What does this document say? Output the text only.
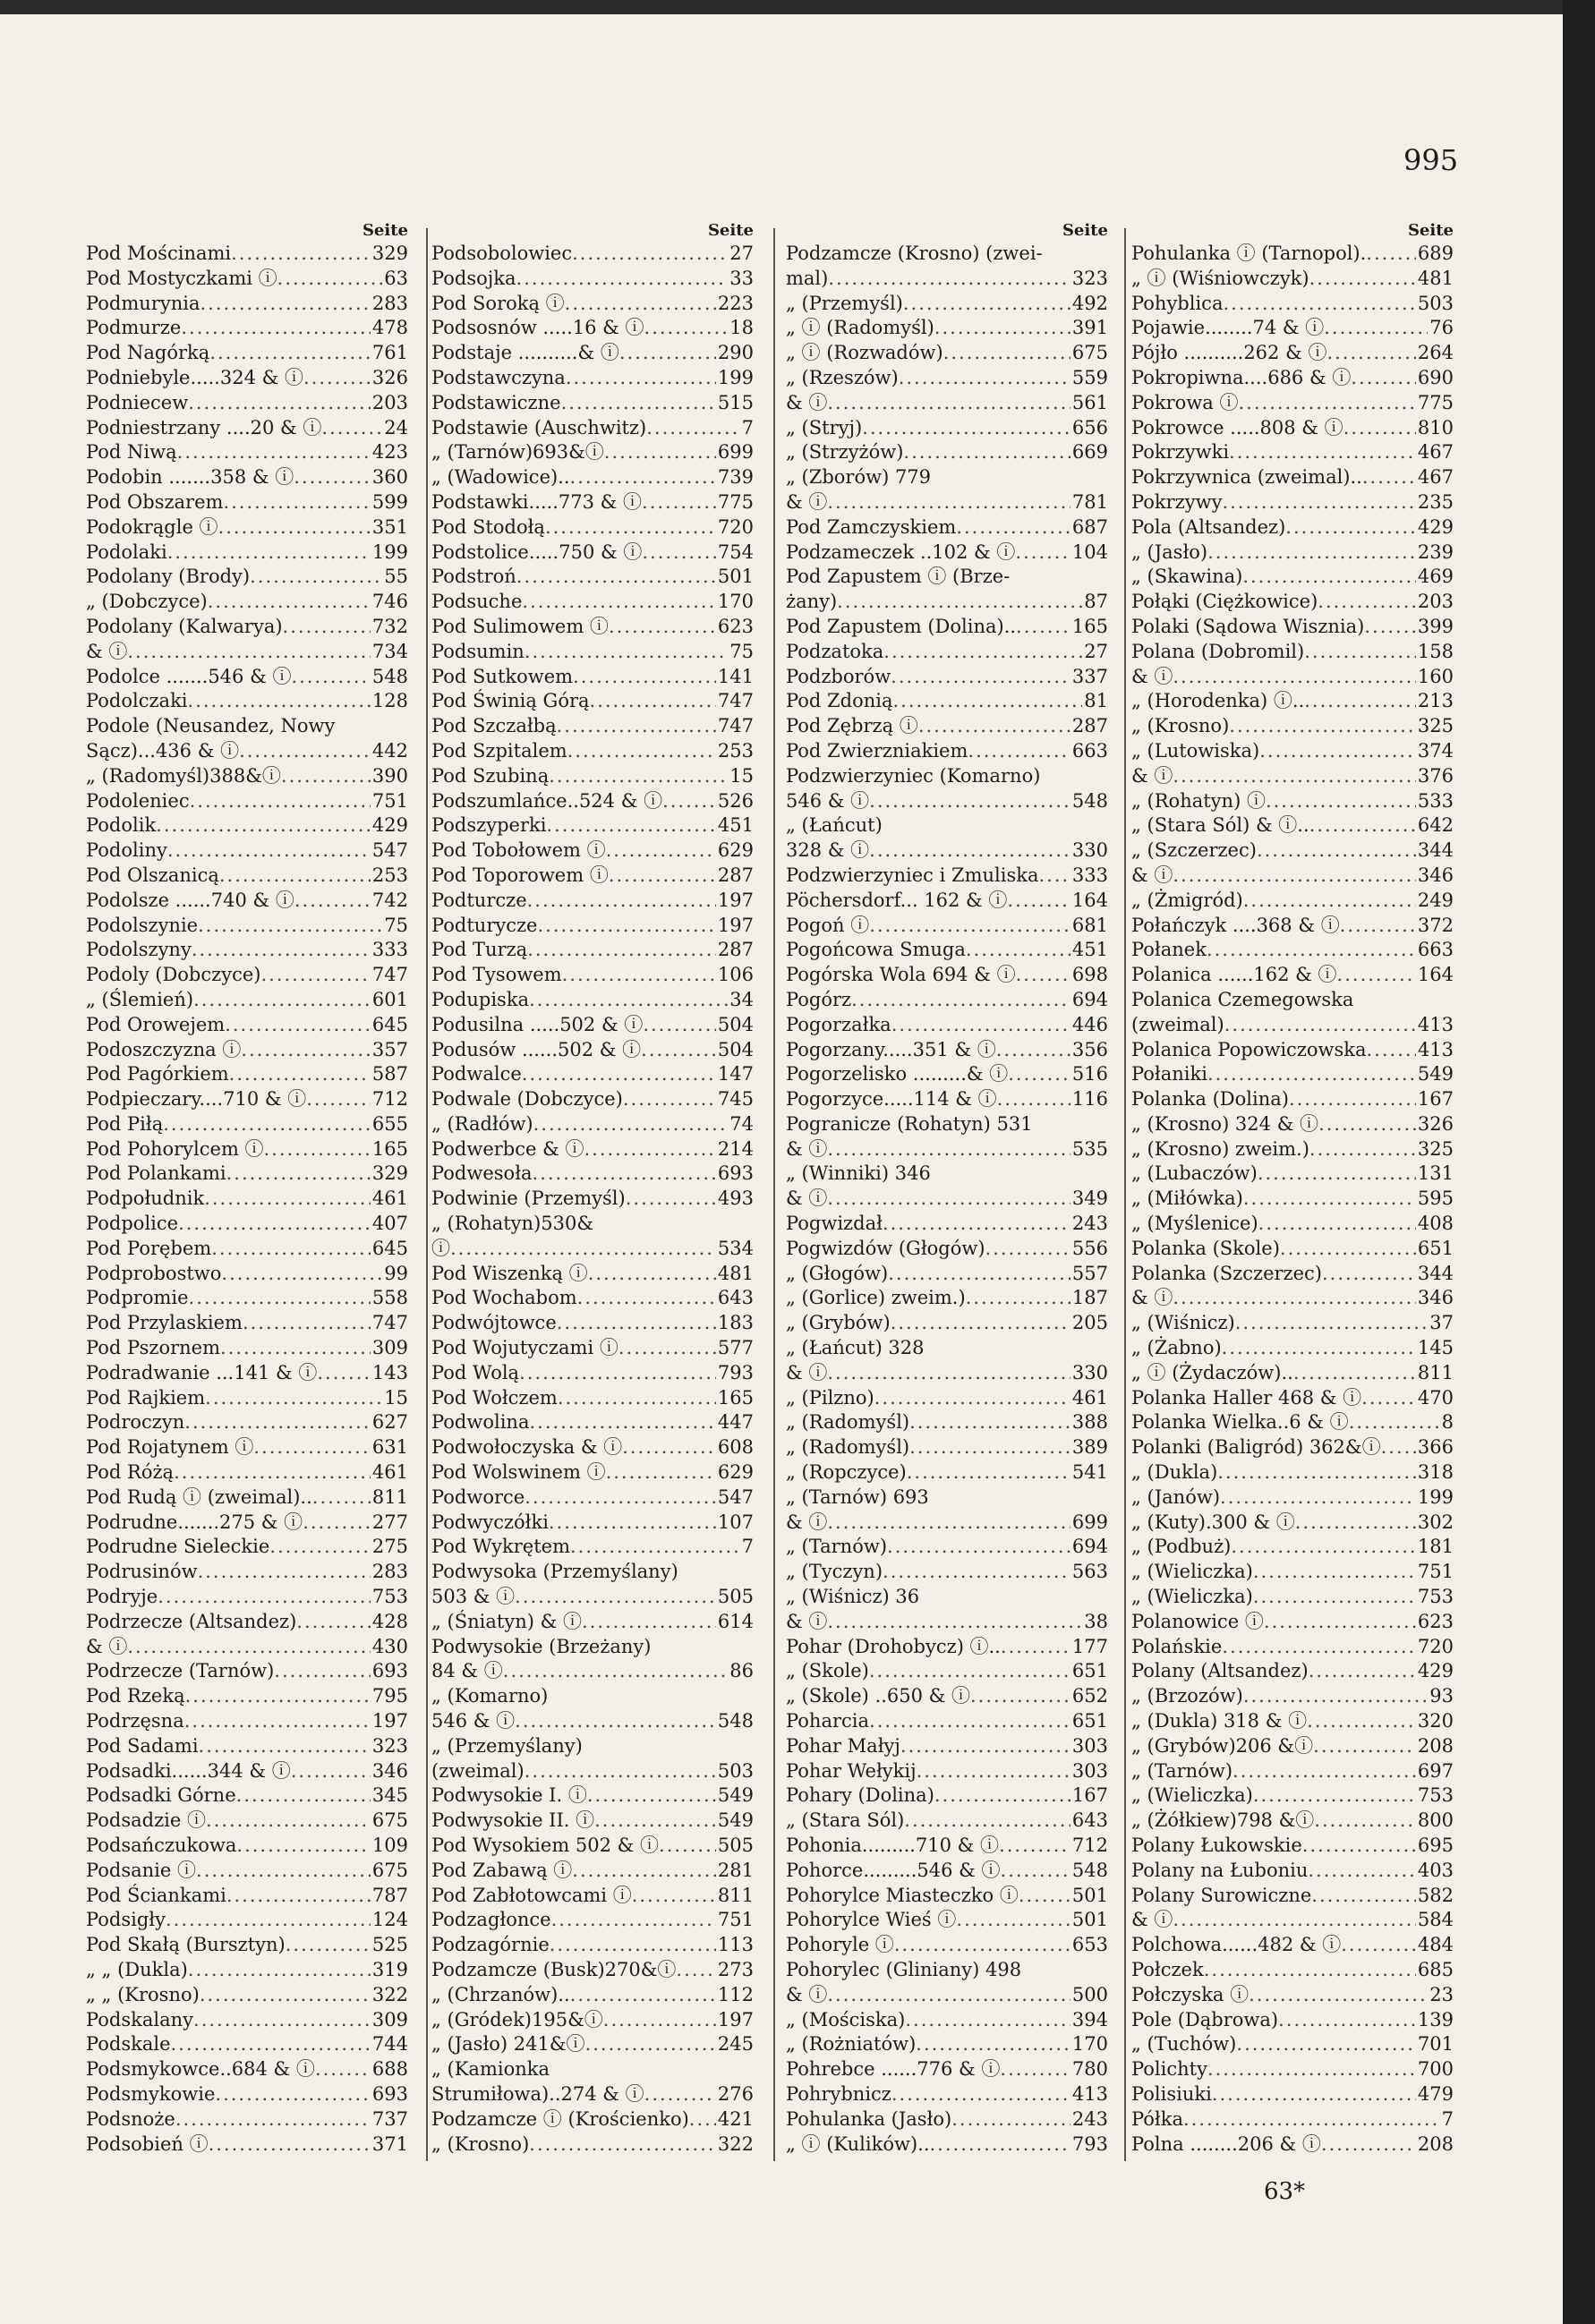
995
Seite
Pod Mościnami .....	329
Pod Mostyczkami ⓘ .....	63
Podmurynia .....	283
Podmurze .....	478
Pod Nagórką .....	761
Podniebyle.....324 & ⓘ .....	326
Podniecew .....	203
Podniestrzany ....20 & ⓘ .....	24
Pod Niwą .....	423
Podobin .......358 & ⓘ .....	360
Pod Obszarem .....	599
Podokrągle ⓘ .....	351
Podolaki .....	199
Podolany (Brody) .....	55
„ (Dobczyce) .....	746
Podolany (Kalwarya) .....	732
& ⓘ .....	734
Podolce .......546 & ⓘ .....	548
Podolczaki .....	128
Podole (Neusandez, Nowy
Sącz)...436 & ⓘ .....	442
„ (Radomyśl)388&ⓘ .....	390
Podoleniec .....	751
Podolik .....	429
Podoliny .....	547
Pod Olszanicą .....	253
Podolsze ......740 & ⓘ .....	742
Podolszynie .....	75
Podolszyny .....	333
Podoly (Dobczyce) .....	747
„ (Ślemień) .....	601
Pod Orowejem .....	645
Podoszczyzna ⓘ .....	357
Pod Pagórkiem .....	587
Podpieczary....710 & ⓘ .....	712
Pod Piłą .....	655
Pod Pohorylcem ⓘ .....	165
Pod Polankami .....	329
Podpołudnik .....	461
Podpolice .....	407
Pod Porębem .....	645
Podprobostwo .....	99
Podpromie .....	558
Pod Przylaskiem .....	747
Pod Pszornem .....	309
Podradwanie ...141 & ⓘ .....	143
Pod Rajkiem .....	15
Podroczyn .....	627
Pod Rojatynem ⓘ .....	631
Pod Różą .....	461
Pod Rudą ⓘ (zweimal).. .....	811
Podrudne.......275 & ⓘ .....	277
Podrudne Sieleckie .....	275
Podrusinów .....	283
Podryje .....	753
Podrzecze (Altsandez) .....	428
& ⓘ .....	430
Podrzecze (Tarnów) .....	693
Pod Rzeką .....	795
Podrzęsna .....	197
Pod Sadami .....	323
Podsadki......344 & ⓘ .....	346
Podsadki Górne .....	345
Podsadzie ⓘ .....	675
Podsańczukowa .....	109
Podsanie ⓘ .....	675
Pod Ściankami .....	787
Podsigły .....	124
Pod Skałą (Bursztyn) .....	525
„ „ (Dukla) .....	319
„ „ (Krosno) .....	322
Podskalany .....	309
Podskale .....	744
Podsmykowce..684 & ⓘ .....	688
Podsmykowie .....	693
Podsnoże .....	737
Podsobień ⓘ .....	371
Seite
Podsobolowiec .....	27
Podsojka .....	33
Pod Soroką ⓘ .....	223
Podsosnów .....16 & ⓘ .....	18
Podstaje ..........& ⓘ .....	290
Podstawczyna .....	199
Podstawiczne .....	515
Podstawie (Auschwitz) .....	7
„ (Tarnów)693&ⓘ .....	699
„ (Wadowice).. .....	739
Podstawki.....773 & ⓘ .....	775
Pod Stodołą .....	720
Podstolice.....750 & ⓘ .....	754
Podstroń .....	501
Podsuche .....	170
Pod Sulimowem ⓘ .....	623
Podsumin .....	75
Pod Sutkowem .....	141
Pod Świnią Górą .....	747
Pod Szczałbą .....	747
Pod Szpitalem .....	253
Pod Szubiną .....	15
Podszumlańce..524 & ⓘ .....	526
Podszyperki .....	451
Pod Tobołowem ⓘ .....	629
Pod Toporowem ⓘ .....	287
Podturcze .....	197
Podturycze .....	197
Pod Turzą .....	287
Pod Tysowem .....	106
Podupiska .....	34
Podusilna .....502 & ⓘ .....	504
Podusów ......502 & ⓘ .....	504
Podwalce .....	147
Podwale (Dobczyce) .....	745
„ (Radłów) .....	74
Podwerbce & ⓘ .....	214
Podwesoła .....	693
Podwinie (Przemyśl) .....	493
„ (Rohatyn)530&
ⓘ .....	534
Pod Wiszenką ⓘ .....	481
Pod Wochabom .....	643
Podwójtowce .....	183
Pod Wojutyczami ⓘ .....	577
Pod Wolą .....	793
Pod Wołczem .....	165
Podwolina .....	447
Podwołoczyska & ⓘ .....	608
Pod Wolswinem ⓘ .....	629
Podworce .....	547
Podwyczółki .....	107
Pod Wykrętem .....	7
Podwysoka (Przemyślany)
503 & ⓘ .....	505
„ (Śniatyn) & ⓘ .....	614
Podwysokie (Brzeżany)
84 & ⓘ .....	86
„ (Komarno)
546 & ⓘ .....	548
„ (Przemyślany)
(zweimal) .....	503
Podwysokie I. ⓘ .....	549
Podwysokie II. ⓘ .....	549
Pod Wysokiem 502 & ⓘ .....	505
Pod Zabawą ⓘ .....	281
Pod Zabłotowcami ⓘ .....	811
Podzagłonce .....	751
Podzagórnie .....	113
Podzamcze (Busk)270&ⓘ ..... 273
„ (Chrzanów).. .....	112
„ (Gródek)195&ⓘ .....	197
„ (Jasło) 241&ⓘ .....	245
„ (Kamionka
Strumiłowa)..274 & ⓘ .....	276
Podzamcze ⓘ (Krościenko) ..... 421
„ (Krosno) .....	322
Seite
Podzamcze (Krosno) (zwei-
mal) .....	323
„ (Przemyśl) .....	492
„ ⓘ (Radomyśl) .....	391
„ ⓘ (Rozwadów) .....	675
„ (Rzeszów) .....	559
& ⓘ .....	561
„ (Stryj) .....	656
„ (Strzyżów) .....	669
„ (Zborów) 779
& ⓘ .....	781
Pod Zamczyskiem .....	687
Podzameczek ..102 & ⓘ .....	104
Pod Zapustem ⓘ (Brze-
żany) .....	87
Pod Zapustem (Dolina).. .....	165
Podzatoka .....	27
Podzborów .....	337
Pod Zdonią .....	81
Pod Zębrzą ⓘ .....	287
Pod Zwierzniakiem .....	663
Podzwierzyniec (Komarno)
546 & ⓘ .....	548
„ (Łańcut)
328 & ⓘ .....	330
Podzwierzyniec i Zmuliska ..... 333
Pöchersdorf... 162 & ⓘ .....	164
Pogoń ⓘ .....	681
Pogońcowa Smuga .....	451
Pogórska Wola 694 & ⓘ .....	698
Pogórz .....	694
Pogorzałka .....	446
Pogorzany.....351 & ⓘ .....	356
Pogorzelisko .........& ⓘ .....	516
Pogorzyce.....114 & ⓘ .....	116
Pogranicze (Rohatyn) 531
& ⓘ .....	535
„ (Winniki) 346
& ⓘ .....	349
Pogwizdał .....	243
Pogwizdów (Głogów) .....	556
„ (Głogów) .....	557
„ (Gorlice) zweim.) .....	187
„ (Grybów) .....	205
„ (Łańcut) 328
& ⓘ .....	330
„ (Pilzno) .....	461
„ (Radomyśl) .....	388
„ (Radomyśl) .....	389
„ (Ropczyce) .....	541
„ (Tarnów) 693
& ⓘ .....	699
„ (Tarnów) .....	694
„ (Tyczyn) .....	563
„ (Wiśnicz) 36
& ⓘ .....	38
Pohar (Drohobycz) ⓘ.. .....	177
„ (Skole) .....	651
„ (Skole) ..650 & ⓘ .....	652
Poharcia .....	651
Pohar Małyj .....	303
Pohar Wełykij .....	303
Pohary (Dolina) .....	167
„ (Stara Sól) .....	643
Pohonia.........710 & ⓘ .....	712
Pohorce.........546 & ⓘ .....	548
Pohorylce Miasteczko ⓘ .....	501
Pohorylce Wieś ⓘ .....	501
Pohoryle ⓘ .....	653
Pohorylec (Gliniany) 498
& ⓘ .....	500
„ (Mościska) .....	394
„ (Rożniatów) .....	170
Pohrebce ......776 & ⓘ .....	780
Pohrybnicz .....	413
Pohulanka (Jasło) .....	243
„ ⓘ (Kulików).. .....	793
Seite
Pohulanka ⓘ (Tarnopol). .....	689
„ ⓘ (Wiśniowczyk) .....	481
Pohyblica .....	503
Pojawie........74 & ⓘ .....	76
Pójło ..........262 & ⓘ .....	264
Pokropiwna....686 & ⓘ .....	690
Pokrowa ⓘ .....	775
Pokrowce .....808 & ⓘ .....	810
Pokrzywki .....	467
Pokrzywnica (zweimal).. .....	467
Pokrzywy .....	235
Pola (Altsandez) .....	429
„ (Jasło) .....	239
„ (Skawina) .....	469
Połąki (Ciężkowice) .....	203
Polaki (Sądowa Wisznia) .....	399
Polana (Dobromil) .....	158
& ⓘ .....	160
„ (Horodenka) ⓘ.. .....	213
„ (Krosno) .....	325
„ (Lutowiska) .....	374
& ⓘ .....	376
„ (Rohatyn) ⓘ .....	533
„ (Stara Sól) & ⓘ.. .....	642
„ (Szczerzec) .....	344
& ⓘ .....	346
„ (Żmigród) .....	249
Połańczyk ....368 & ⓘ .....	372
Połanek .....	663
Polanica ......162 & ⓘ .....	164
Polanica Czemegowska
(zweimal) .....	413
Polanica Popowiczowska .....	413
Połaniki .....	549
Polanka (Dolina) .....	167
„ (Krosno) 324 & ⓘ .....	326
„ (Krosno) zweim.) .....	325
„ (Lubaczów) .....	131
„ (Miłówka) .....	595
„ (Myślenice) .....	408
Polanka (Skole) .....	651
Polanka (Szczerzec) .....	344
& ⓘ .....	346
„ (Wiśnicz) .....	37
„ (Żabno) .....	145
„ ⓘ (Żydaczów).. .....	811
Polanka Haller 468 & ⓘ .....	470
Polanka Wielka..6 & ⓘ .....	8
Polanki (Baligród) 362&ⓘ ..... 366
„ (Dukla) .....	318
„ (Janów) .....	199
„ (Kuty).300 & ⓘ .....	302
„ (Podbuż) .....	181
„ (Wieliczka) .....	751
„ (Wieliczka) .....	753
Polanowice ⓘ .....	623
Polańskie .....	720
Polany (Altsandez) .....	429
„ (Brzozów) .....	93
„ (Dukla) 318 & ⓘ .....	320
„ (Grybów)206 &ⓘ .....	208
„ (Tarnów) .....	697
„ (Wieliczka) .....	753
„ (Żółkiew)798 &ⓘ .....	800
Polany Łukowskie .....	695
Polany na Łuboniu .....	403
Polany Surowiczne .....	582
& ⓘ .....	584
Polchowa......482 & ⓘ .....	484
Połczek .....	685
Połczyska ⓘ .....	23
Pole (Dąbrowa) .....	139
„ (Tuchów) .....	701
Polichty .....	700
Polisiuki .....	479
Półka .....	7
Polna ........206 & ⓘ .....	208
63*
